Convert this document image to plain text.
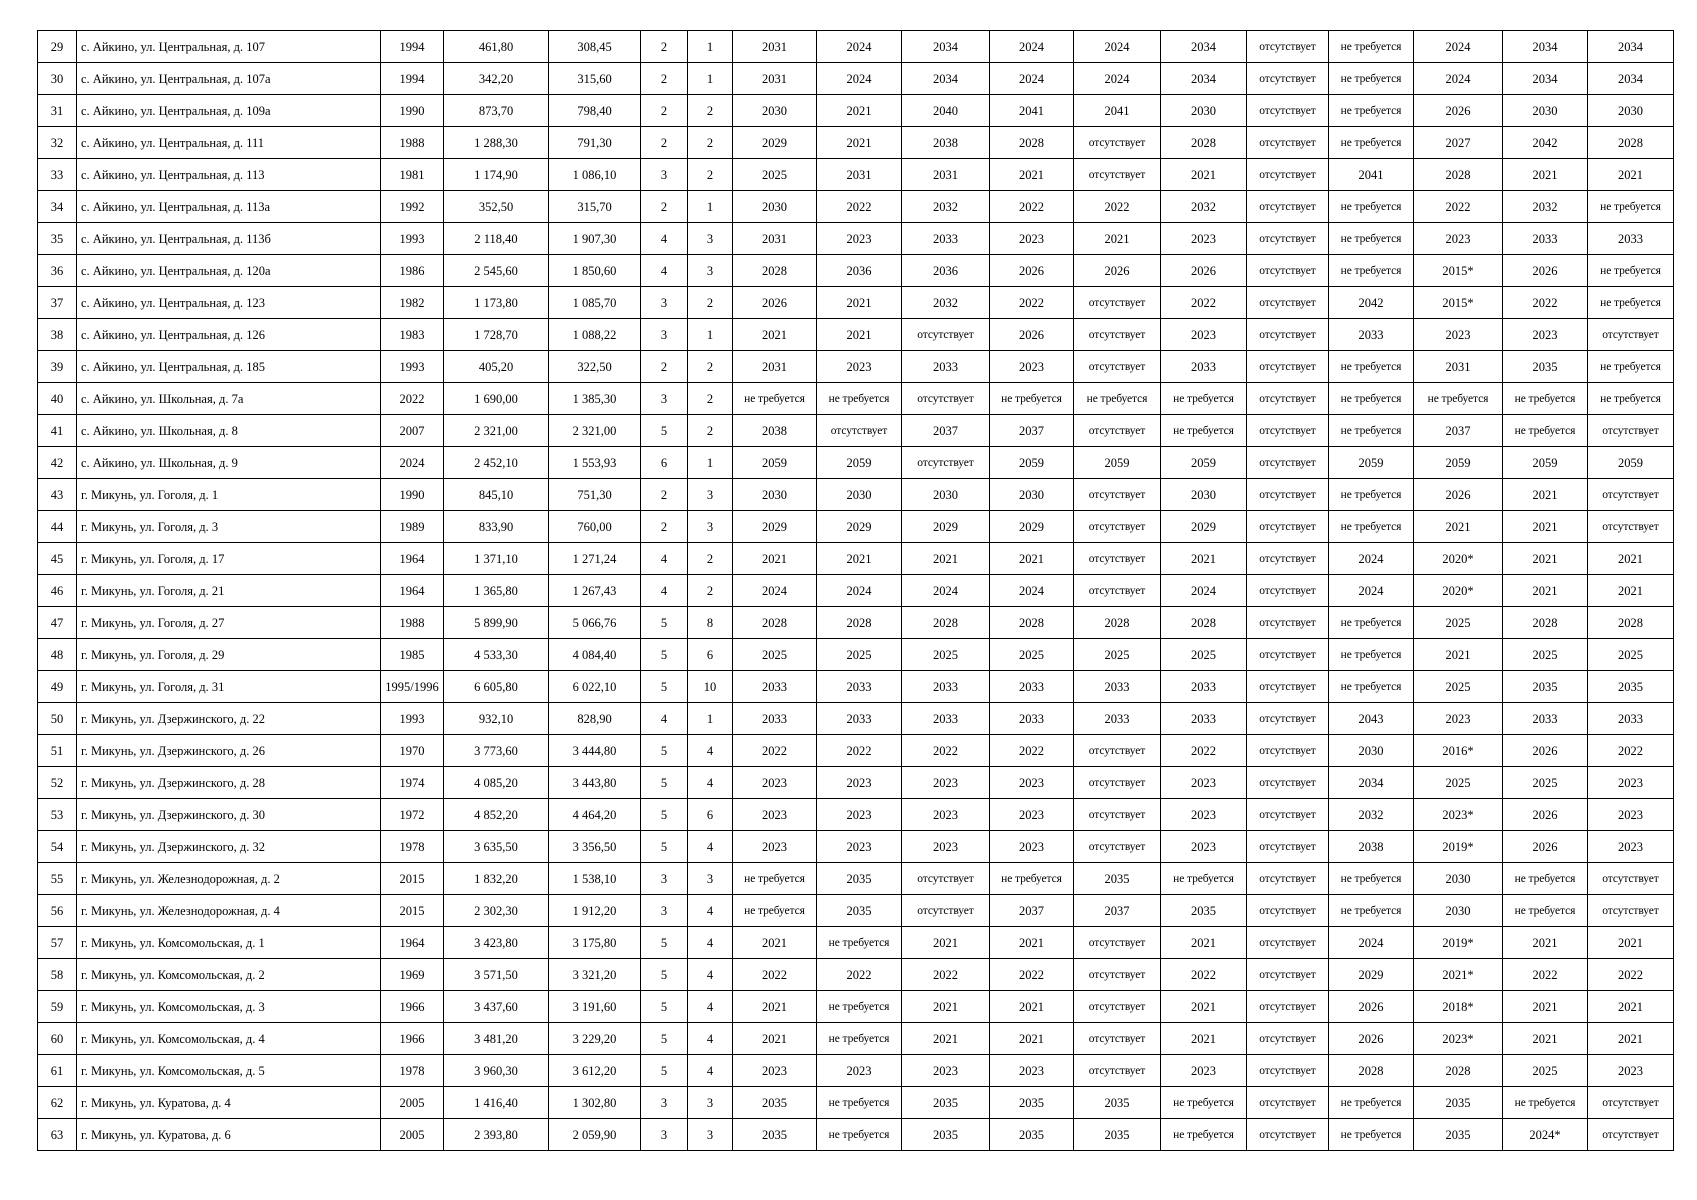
29	с. Айкино, ул. Центральная, д. 107	1994	461,80	308,45	2	1	2031	2024	2034	2024	2024	2034	отсутствует	не требуется	2024	2034	2034
30	с. Айкино, ул. Центральная, д. 107а	1994	342,20	315,60	2	1	2031	2024	2034	2024	2024	2034	отсутствует	не требуется	2024	2034	2034
31	с. Айкино, ул. Центральная, д. 109а	1990	873,70	798,40	2	2	2030	2021	2040	2041	2041	2030	отсутствует	не требуется	2026	2030	2030
32	с. Айкино, ул. Центральная, д. 111	1988	1 288,30	791,30	2	2	2029	2021	2038	2028	отсутствует	2028	отсутствует	не требуется	2027	2042	2028
33	с. Айкино, ул. Центральная, д. 113	1981	1 174,90	1 086,10	3	2	2025	2031	2031	2021	отсутствует	2021	отсутствует	2041	2028	2021	2021
34	с. Айкино, ул. Центральная, д. 113а	1992	352,50	315,70	2	1	2030	2022	2032	2022	2022	2032	отсутствует	не требуется	2022	2032	не требуется
35	с. Айкино, ул. Центральная, д. 113б	1993	2 118,40	1 907,30	4	3	2031	2023	2033	2023	2021	2023	отсутствует	не требуется	2023	2033	2033
36	с. Айкино, ул. Центральная, д. 120а	1986	2 545,60	1 850,60	4	3	2028	2036	2036	2026	2026	2026	отсутствует	не требуется	2015*	2026	не требуется
37	с. Айкино, ул. Центральная, д. 123	1982	1 173,80	1 085,70	3	2	2026	2021	2032	2022	отсутствует	2022	отсутствует	2042	2015*	2022	не требуется
38	с. Айкино, ул. Центральная, д. 126	1983	1 728,70	1 088,22	3	1	2021	2021	отсутствует	2026	отсутствует	2023	отсутствует	2033	2023	2023	отсутствует
39	с. Айкино, ул. Центральная, д. 185	1993	405,20	322,50	2	2	2031	2023	2033	2023	отсутствует	2033	отсутствует	не требуется	2031	2035	не требуется
40	с. Айкино, ул. Школьная, д. 7а	2022	1 690,00	1 385,30	3	2	не требуется	не требуется	отсутствует	не требуется	не требуется	не требуется	отсутствует	не требуется	не требуется	не требуется	не требуется
41	с. Айкино, ул. Школьная, д. 8	2007	2 321,00	2 321,00	5	2	2038	отсутствует	2037	2037	отсутствует	не требуется	отсутствует	не требуется	2037	не требуется	отсутствует
42	с. Айкино, ул. Школьная, д. 9	2024	2 452,10	1 553,93	6	1	2059	2059	отсутствует	2059	2059	2059	отсутствует	2059	2059	2059	2059
43	г. Микунь, ул. Гоголя, д. 1	1990	845,10	751,30	2	3	2030	2030	2030	2030	отсутствует	2030	отсутствует	не требуется	2026	2021	отсутствует
44	г. Микунь, ул. Гоголя, д. 3	1989	833,90	760,00	2	3	2029	2029	2029	2029	отсутствует	2029	отсутствует	не требуется	2021	2021	отсутствует
45	г. Микунь, ул. Гоголя, д. 17	1964	1 371,10	1 271,24	4	2	2021	2021	2021	2021	отсутствует	2021	отсутствует	2024	2020*	2021	2021
46	г. Микунь, ул. Гоголя, д. 21	1964	1 365,80	1 267,43	4	2	2024	2024	2024	2024	отсутствует	2024	отсутствует	2024	2020*	2021	2021
47	г. Микунь, ул. Гоголя, д. 27	1988	5 899,90	5 066,76	5	8	2028	2028	2028	2028	2028	2028	отсутствует	не требуется	2025	2028	2028
48	г. Микунь, ул. Гоголя, д. 29	1985	4 533,30	4 084,40	5	6	2025	2025	2025	2025	2025	2025	отсутствует	не требуется	2021	2025	2025
49	г. Микунь, ул. Гоголя, д. 31	1995/1996	6 605,80	6 022,10	5	10	2033	2033	2033	2033	2033	2033	отсутствует	не требуется	2025	2035	2035
50	г. Микунь, ул. Дзержинского, д. 22	1993	932,10	828,90	4	1	2033	2033	2033	2033	2033	2033	отсутствует	2043	2023	2033	2033
51	г. Микунь, ул. Дзержинского, д. 26	1970	3 773,60	3 444,80	5	4	2022	2022	2022	2022	отсутствует	2022	отсутствует	2030	2016*	2026	2022
52	г. Микунь, ул. Дзержинского, д. 28	1974	4 085,20	3 443,80	5	4	2023	2023	2023	2023	отсутствует	2023	отсутствует	2034	2025	2025	2023
53	г. Микунь, ул. Дзержинского, д. 30	1972	4 852,20	4 464,20	5	6	2023	2023	2023	2023	отсутствует	2023	отсутствует	2032	2023*	2026	2023
54	г. Микунь, ул. Дзержинского, д. 32	1978	3 635,50	3 356,50	5	4	2023	2023	2023	2023	отсутствует	2023	отсутствует	2038	2019*	2026	2023
55	г. Микунь, ул. Железнодорожная, д. 2	2015	1 832,20	1 538,10	3	3	не требуется	2035	отсутствует	не требуется	2035	не требуется	отсутствует	не требуется	2030	не требуется	отсутствует
56	г. Микунь, ул. Железнодорожная, д. 4	2015	2 302,30	1 912,20	3	4	не требуется	2035	отсутствует	2037	2037	2035	отсутствует	не требуется	2030	не требуется	отсутствует
57	г. Микунь, ул. Комсомольская, д. 1	1964	3 423,80	3 175,80	5	4	2021	не требуется	2021	2021	отсутствует	2021	отсутствует	2024	2019*	2021	2021
58	г. Микунь, ул. Комсомольская, д. 2	1969	3 571,50	3 321,20	5	4	2022	2022	2022	2022	отсутствует	2022	отсутствует	2029	2021*	2022	2022
59	г. Микунь, ул. Комсомольская, д. 3	1966	3 437,60	3 191,60	5	4	2021	не требуется	2021	2021	отсутствует	2021	отсутствует	2026	2018*	2021	2021
60	г. Микунь, ул. Комсомольская, д. 4	1966	3 481,20	3 229,20	5	4	2021	не требуется	2021	2021	отсутствует	2021	отсутствует	2026	2023*	2021	2021
61	г. Микунь, ул. Комсомольская, д. 5	1978	3 960,30	3 612,20	5	4	2023	2023	2023	2023	отсутствует	2023	отсутствует	2028	2028	2025	2023
62	г. Микунь, ул. Куратова, д. 4	2005	1 416,40	1 302,80	3	3	2035	не требуется	2035	2035	2035	не требуется	отсутствует	не требуется	2035	не требуется	отсутствует
63	г. Микунь, ул. Куратова, д. 6	2005	2 393,80	2 059,90	3	3	2035	не требуется	2035	2035	2035	не требуется	отсутствует	не требуется	2035	2024*	отсутствует
